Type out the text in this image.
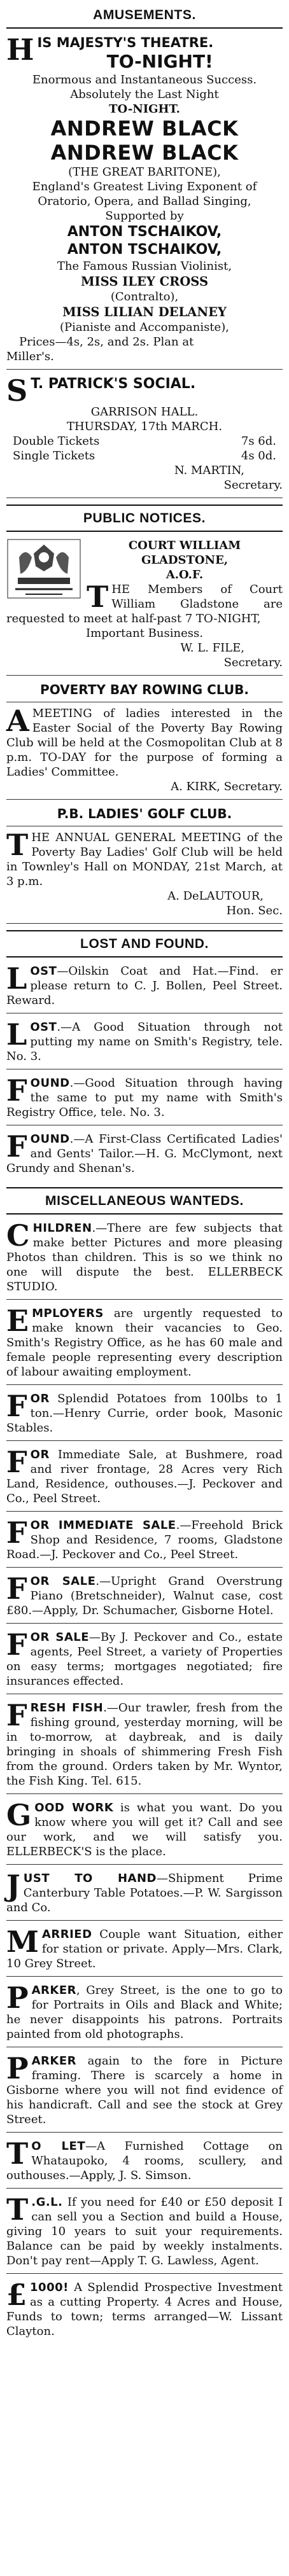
AMUSEMENTS.
H IS MAJESTY'S THEATRE.
TO-NIGHT!
Enormous and Instantaneous Success.
Absolutely the Last Night
TO-NIGHT.
ANDREW BLACK
ANDREW BLACK
(THE GREAT BARITONE),
England's Greatest Living Exponent of
Oratorio, Opera, and Ballad Singing,
Supported by
ANTON TSCHAIKOV,
ANTON TSCHAIKOV,
The Famous Russian Violinist,
MISS ILEY CROSS
(Contralto),
MISS LILIAN DELANEY
(Pianiste and Accompaniste),
Prices—4s, 2s, and 2s. Plan at
Miller's.
S T. PATRICK'S SOCIAL.
GARRISON HALL.
THURSDAY, 17th MARCH.
Double Tickets	7s 6d.
Single Tickets	4s 0d.
N. MARTIN,
Secretary.
PUBLIC NOTICES.
COURT WILLIAM
GLADSTONE,
A.O.F.

THE Members of Court William Gladstone are requested to meet at half-past 7 TO-NIGHT,

Important Business.
W. L. FILE,
Secretary.
POVERTY BAY ROWING CLUB.

AMEETING of ladies interested in the Easter Social of the Poverty Bay Rowing Club will be held at the Cosmopolitan Club at 8 p.m. TO-DAY for the purpose of forming a Ladies' Committee.

A. KIRK, Secretary.
P.B. LADIES' GOLF CLUB.

THE ANNUAL GENERAL MEETING of the Poverty Bay Ladies' Golf Club will be held in Townley's Hall on MONDAY, 21st March, at 3 p.m.

A. DeLAUTOUR,
Hon. Sec.
LOST AND FOUND.

LOST—Oilskin Coat and Hat.—Find. er please return to C. J. Bollen, Peel Street. Reward.

LOST.—A Good Situation through not putting my name on Smith's Registry, tele. No. 3.

FOUND.—Good Situation through having the same to put my name with Smith's Registry Office, tele. No. 3.

FOUND.—A First-Class Certificated Ladies' and Gents' Tailor.—H. G. McClymont, next Grundy and Shenan's.

MISCELLANEOUS WANTEDS.

CHILDREN.—There are few subjects that make better Pictures and more pleasing Photos than children. This is so we think no one will dispute the best. ELLERBECK STUDIO.

EMPLOYERS are urgently requested to make known their vacancies to Geo. Smith's Registry Office, as he has 60 male and female people representing every description of labour awaiting employment.

FOR Splendid Potatoes from 100lbs to 1 ton.—Henry Currie, order book, Masonic Stables.

FOR Immediate Sale, at Bushmere, road and river frontage, 28 Acres very Rich Land, Residence, outhouses.—J. Peckover and Co., Peel Street.

FOR IMMEDIATE SALE.—Freehold Brick Shop and Residence, 7 rooms, Gladstone Road.—J. Peckover and Co., Peel Street.

FOR SALE.—Upright Grand Overstrung Piano (Bretschneider), Walnut case, cost £80.—Apply, Dr. Schumacher, Gisborne Hotel.

FOR SALE—By J. Peckover and Co., estate agents, Peel Street, a variety of Properties on easy terms; mortgages negotiated; fire insurances effected.

FRESH FISH.—Our trawler, fresh from the fishing ground, yesterday morning, will be in to-morrow, at daybreak, and is daily bringing in shoals of shimmering Fresh Fish from the ground. Orders taken by Mr. Wyntor, the Fish King. Tel. 615.

GOOD WORK is what you want. Do you know where you will get it? Call and see our work, and we will satisfy you. ELLERBECK'S is the place.

JUST TO HAND—Shipment Prime Canterbury Table Potatoes.—P. W. Sargisson and Co.

MARRIED Couple want Situation, either for station or private. Apply—Mrs. Clark, 10 Grey Street.

PARKER, Grey Street, is the one to go to for Portraits in Oils and Black and White; he never disappoints his patrons. Portraits painted from old photographs.

PARKER again to the fore in Picture framing. There is scarcely a home in Gisborne where you will not find evidence of his handicraft. Call and see the stock at Grey Street.

T O LET—A Furnished Cottage on Whataupoko, 4 rooms, scullery, and outhouses.—Apply, J. S. Simson.

T .G.L. If you need for £40 or £50 deposit I can sell you a Section and build a House, giving 10 years to suit your requirements. Balance can be paid by weekly instalments. Don't pay rent—Apply T. G. Lawless, Agent.

£ 1000! A Splendid Prospective Investment as a cutting Property. 4 Acres and House, Funds to town; terms arranged—W. Lissant Clayton.
